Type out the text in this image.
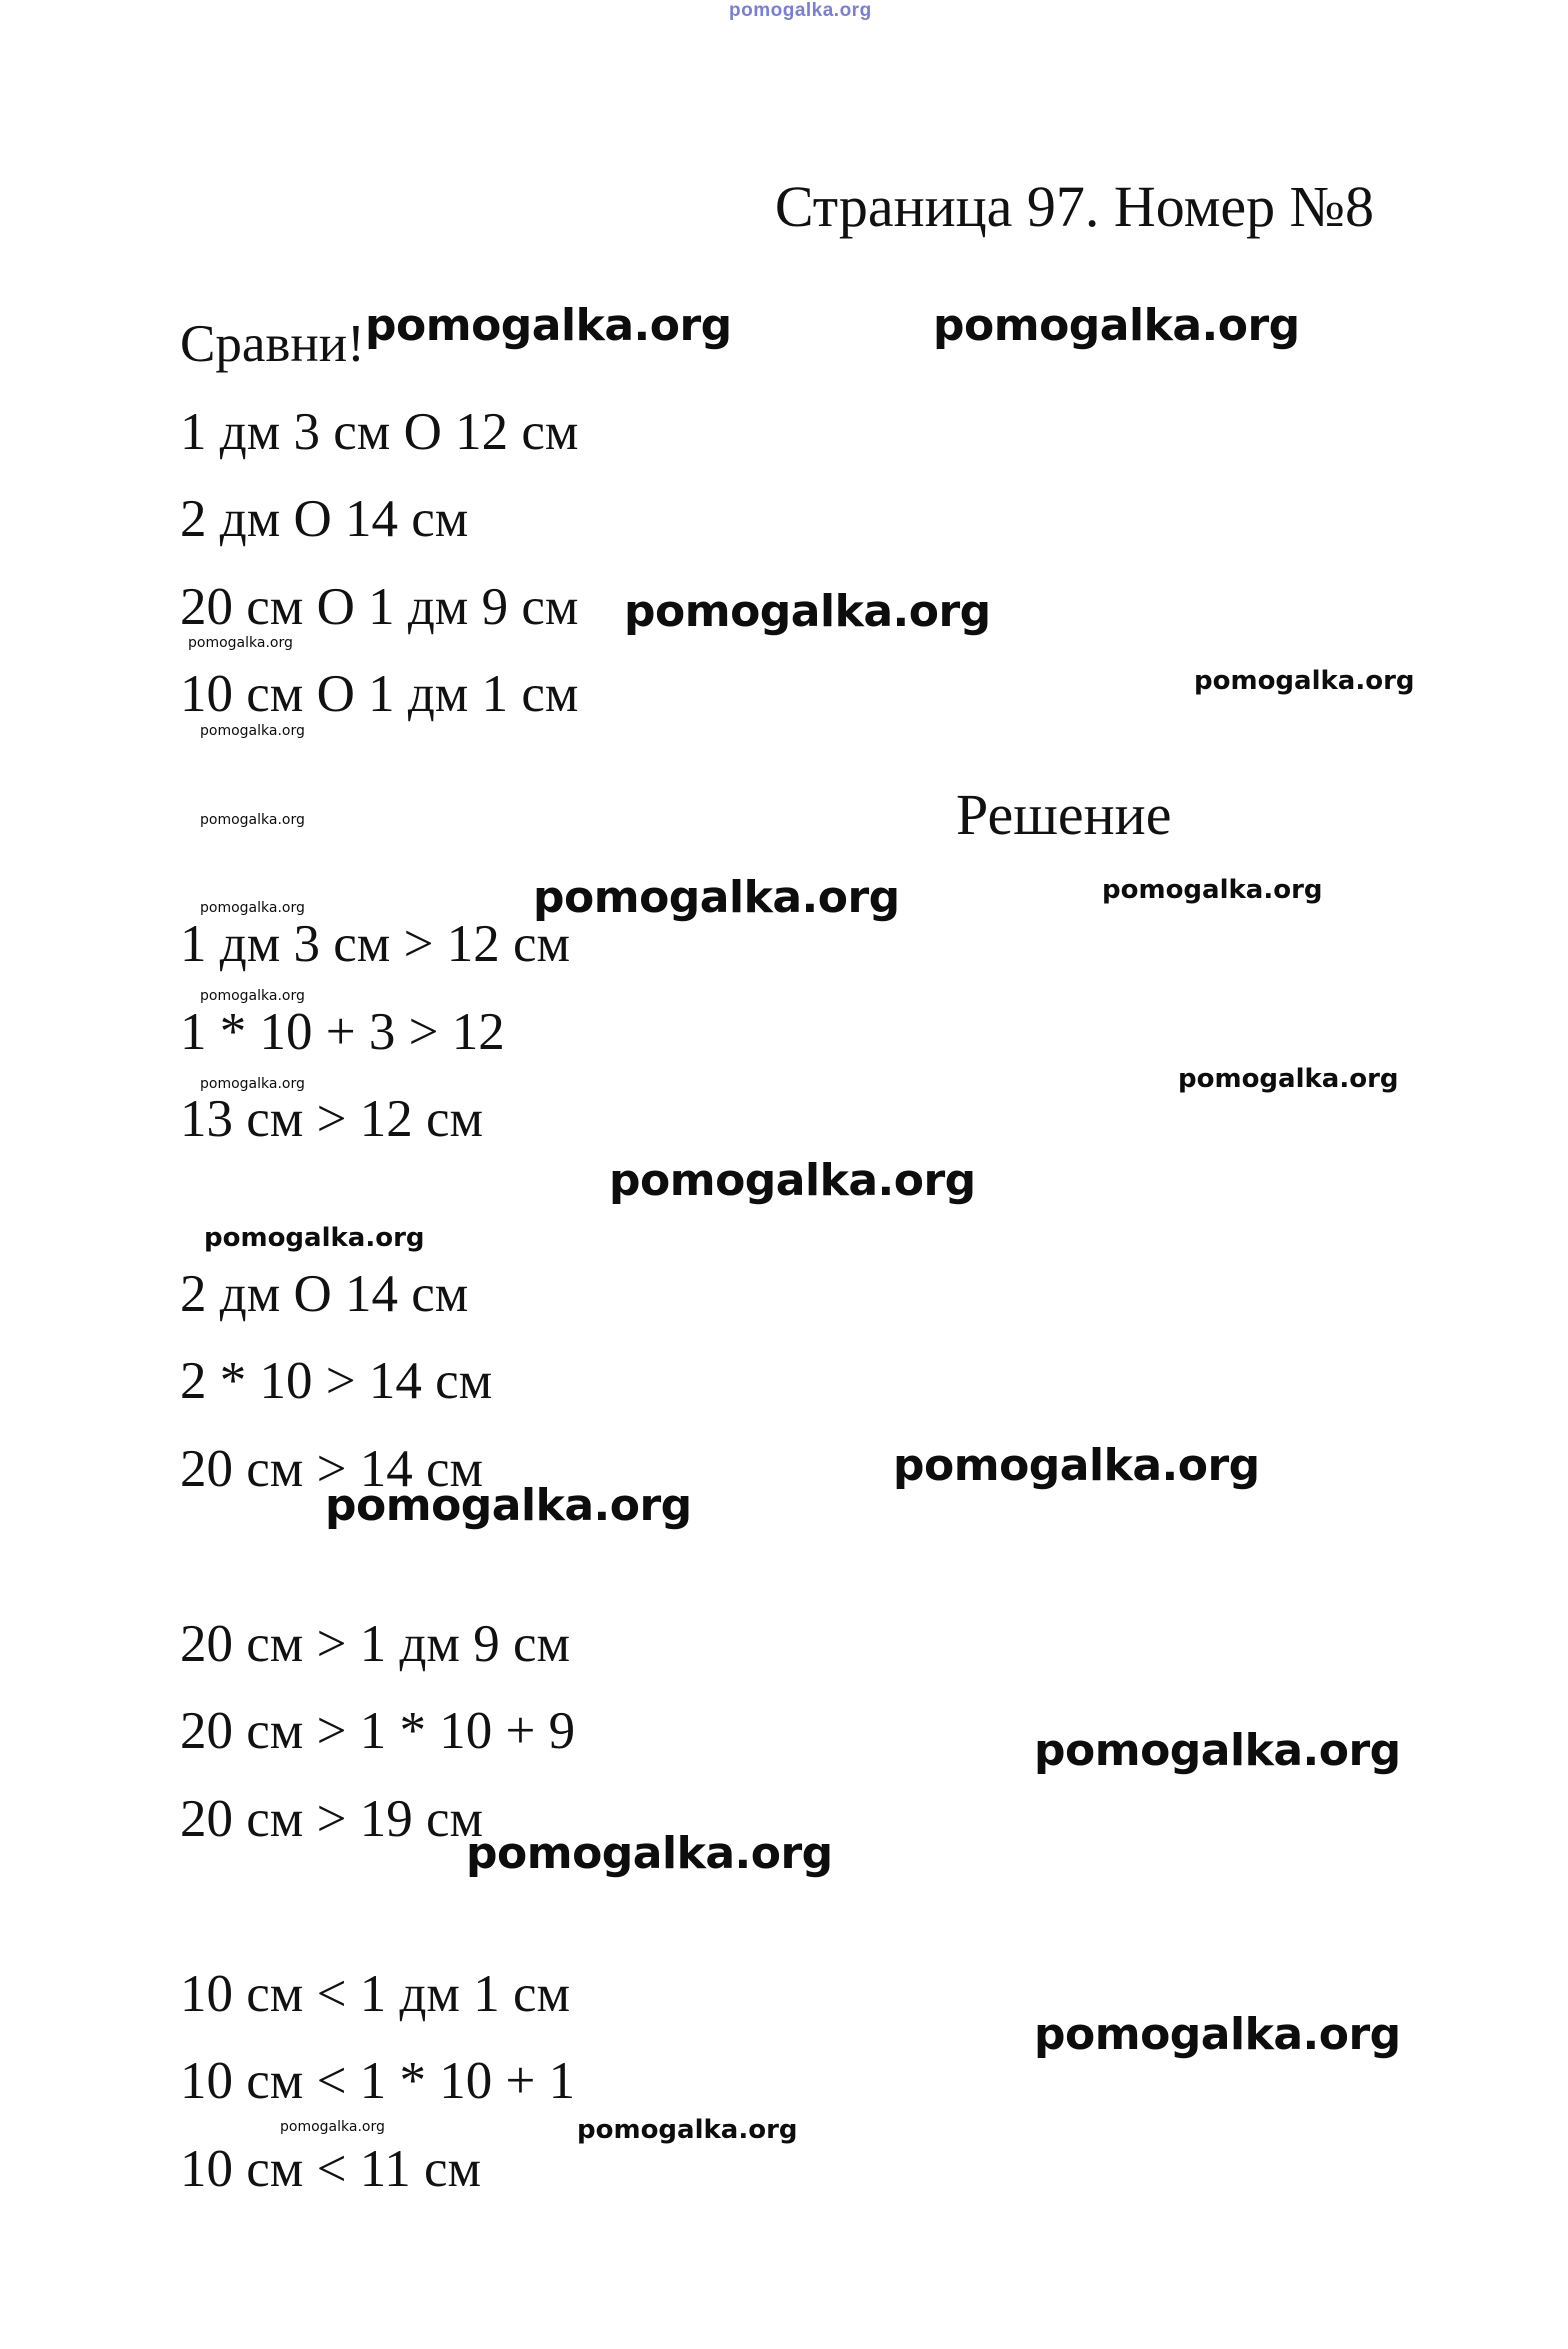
pomogalka.org
Страница 97. Номер №8
Сравни!
1 дм 3 см О 12 см
2 дм О 14 см
20 см О 1 дм 9 см
10 см О 1 дм 1 см
Решение
1 дм 3 см > 12 см
1 * 10 + 3 > 12
13 см > 12 см
2 дм О 14 см
2 * 10 > 14 см
20 см > 14 см
20 см > 1 дм 9 см
20 см > 1 * 10 + 9
20 см > 19 см
10 см < 1 дм 1 см
10 см < 1 * 10 + 1
10 см < 11 см
pomogalka.org	pomogalka.org
pomogalka.org
pomogalka.org
pomogalka.org
pomogalka.org
pomogalka.org
pomogalka.org	pomogalka.org
pomogalka.org
pomogalka.org
pomogalka.org	pomogalka.org
pomogalka.org
pomogalka.org
pomogalka.org
pomogalka.org
pomogalka.org
pomogalka.org
pomogalka.org
pomogalka.org	pomogalka.org
